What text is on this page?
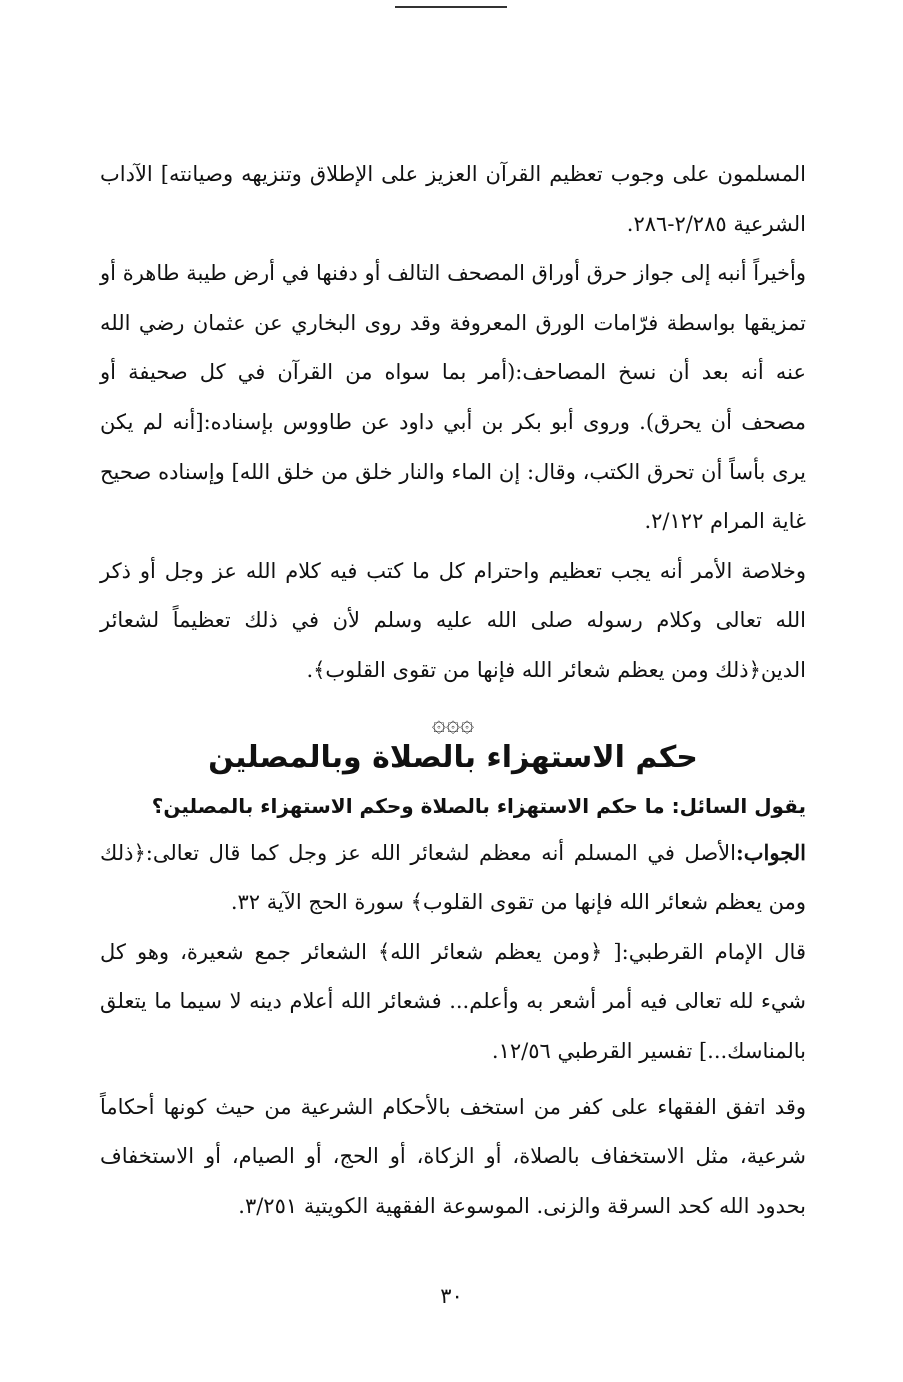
المسلمون على وجوب تعظيم القرآن العزيز على الإطلاق وتنزيهه وصيانته] الآداب الشرعية ٢/٢٨٥-٢٨٦.

وأخيراً أنبه إلى جواز حرق أوراق المصحف التالف أو دفنها في أرض طيبة طاهرة أو تمزيقها بواسطة فرّامات الورق المعروفة وقد روى البخاري عن عثمان رضي الله عنه أنه بعد أن نسخ المصاحف:(أمر بما سواه من القرآن في كل صحيفة أو مصحف أن يحرق). وروى أبو بكر بن أبي داود عن طاووس بإسناده:[أنه لم يكن يرى بأساً أن تحرق الكتب، وقال: إن الماء والنار خلق من خلق الله] وإسناده صحيح غاية المرام ٢/١٢٢.

وخلاصة الأمر أنه يجب تعظيم واحترام كل ما كتب فيه كلام الله عز وجل أو ذكر الله تعالى وكلام رسوله صلى الله عليه وسلم لأن في ذلك تعظيماً لشعائر الدين﴿ذلك ومن يعظم شعائر الله فإنها من تقوى القلوب﴾.

۞۞۞
حكم الاستهزاء بالصلاة وبالمصلين

يقول السائل: ما حكم الاستهزاء بالصلاة وحكم الاستهزاء بالمصلين؟

الجواب:الأصل في المسلم أنه معظم لشعائر الله عز وجل كما قال تعالى:﴿ذلك ومن يعظم شعائر الله فإنها من تقوى القلوب﴾ سورة الحج الآية ٣٢.

قال الإمام القرطبي:[ ﴿ومن يعظم شعائر الله﴾ الشعائر جمع شعيرة، وهو كل شيء لله تعالى فيه أمر أشعر به وأعلم... فشعائر الله أعلام دينه لا سيما ما يتعلق بالمناسك...] تفسير القرطبي ١٢/٥٦.

وقد اتفق الفقهاء على كفر من استخف بالأحكام الشرعية من حيث كونها أحكاماً شرعية، مثل الاستخفاف بالصلاة، أو الزكاة، أو الحج، أو الصيام، أو الاستخفاف بحدود الله كحد السرقة والزنى. الموسوعة الفقهية الكويتية ٣/٢٥١.

٣٠
